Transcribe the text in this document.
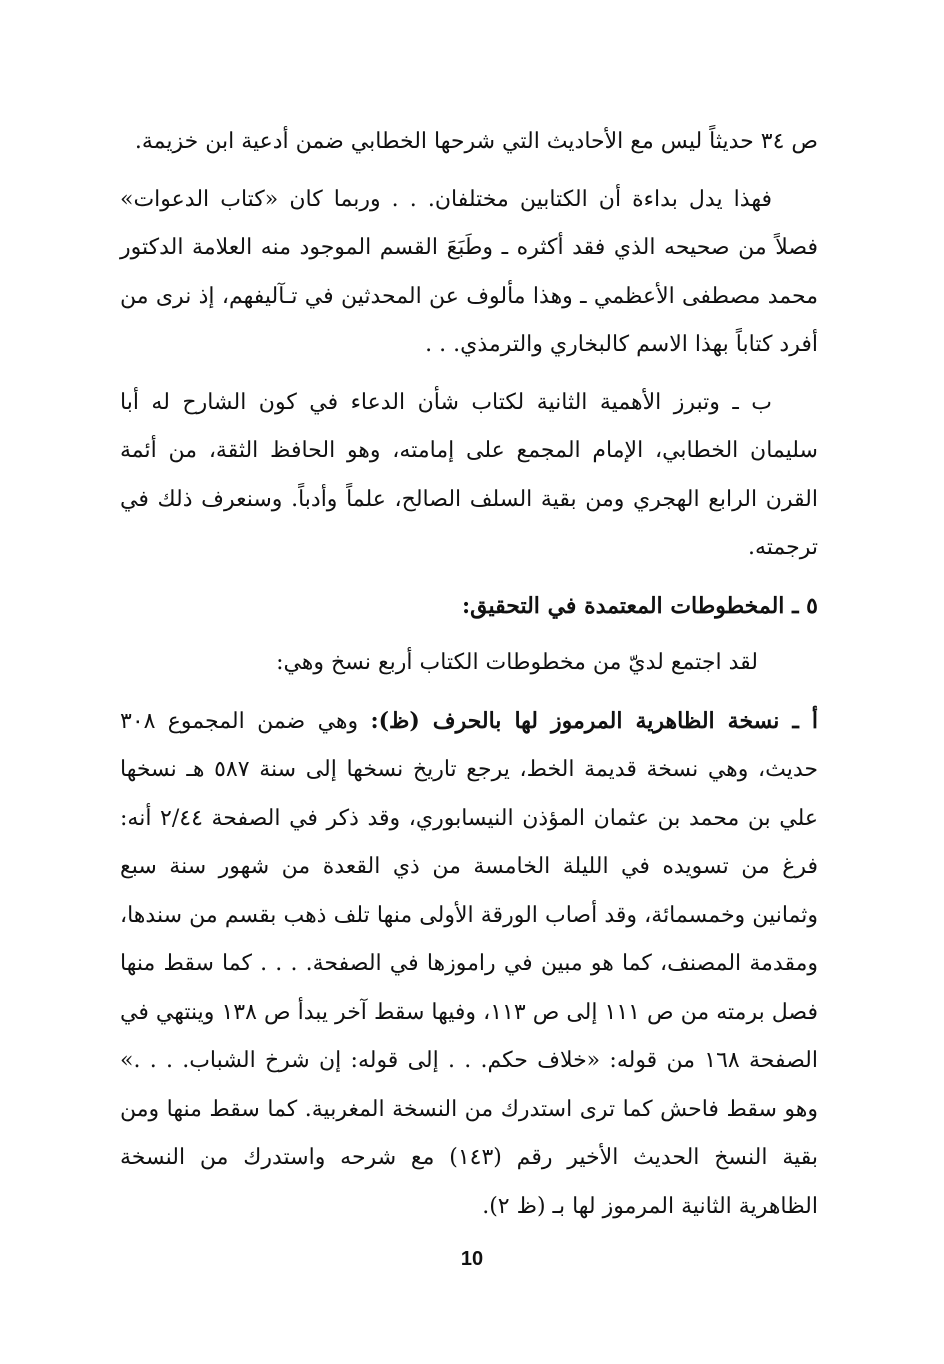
ص ٣٤ حديثاً ليس مع الأحاديث التي شرحها الخطابي ضمن أدعية ابن خزيمة.

فهذا يدل بداءة أن الكتابين مختلفان. . . وربما كان «كتاب الدعوات» فصلاً من صحيحه الذي فقد أكثره ـ وطَبَعَ القسم الموجود منه العلامة الدكتور محمد مصطفى الأعظمي ـ وهذا مألوف عن المحدثين في تـآليفهم، إذ نرى من أفرد كتاباً بهذا الاسم كالبخاري والترمذي. . .

ب ـ وتبرز الأهمية الثانية لكتاب شأن الدعاء في كون الشارح له أبا سليمان الخطابي، الإمام المجمع على إمامته، وهو الحافظ الثقة، من أئمة القرن الرابع الهجري ومن بقية السلف الصالح، علماً وأدباً. وسنعرف ذلك في ترجمته.

٥ ـ المخطوطات المعتمدة في التحقيق:

لقد اجتمع لديّ من مخطوطات الكتاب أربع نسخ وهي:

أ ـ نسخة الظاهرية المرموز لها بالحرف (ظ): وهي ضمن المجموع ٣٠٨ حديث، وهي نسخة قديمة الخط، يرجع تاريخ نسخها إلى سنة ٥٨٧ هـ نسخها علي بن محمد بن عثمان المؤذن النيسابوري، وقد ذكر في الصفحة ٢/٤٤ أنه: فرغ من تسويده في الليلة الخامسة من ذي القعدة من شهور سنة سبع وثمانين وخمسمائة، وقد أصاب الورقة الأولى منها تلف ذهب بقسم من سندها، ومقدمة المصنف، كما هو مبين في راموزها في الصفحة. . . . كما سقط منها فصل برمته من ص ١١١ إلى ص ١١٣، وفيها سقط آخر يبدأ ص ١٣٨ وينتهي في الصفحة ١٦٨ من قوله: «خلاف حكم. . . إلى قوله: إن شرخ الشباب. . . .» وهو سقط فاحش كما ترى استدرك من النسخة المغربية. كما سقط منها ومن بقية النسخ الحديث الأخير رقم (١٤٣) مع شرحه واستدرك من النسخة الظاهرية الثانية المرموز لها بـ (ظ ٢).

10
